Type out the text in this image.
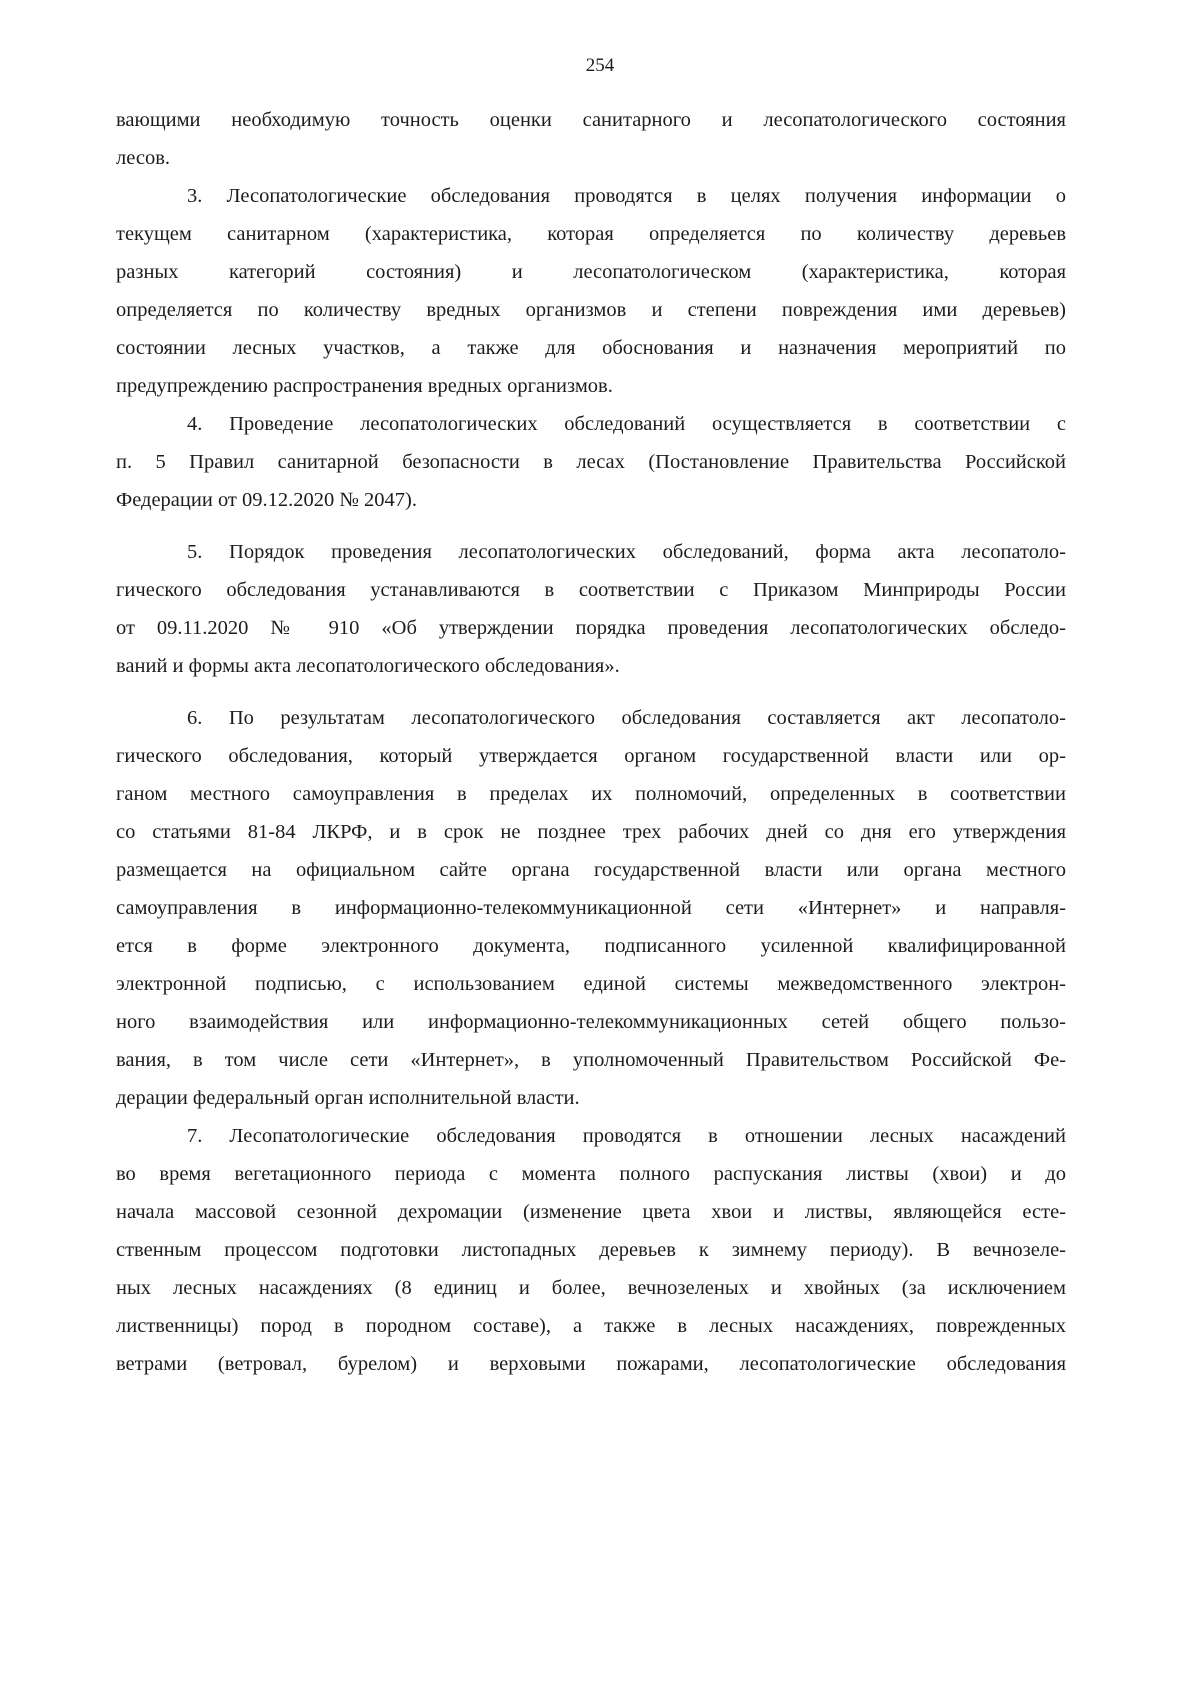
254
вающими необходимую точность оценки санитарного и лесопатологического состояния
лесов.
3. Лесопатологические обследования проводятся в целях получения информации о
текущем санитарном (характеристика, которая определяется по количеству деревьев
разных категорий состояния) и лесопатологическом (характеристика, которая
определяется по количеству вредных организмов и степени повреждения ими деревьев)
состоянии лесных участков, а также для обоснования и назначения мероприятий по
предупреждению распространения вредных организмов.
4. Проведение лесопатологических обследований осуществляется в соответствии с
п. 5 Правил санитарной безопасности в лесах (Постановление Правительства Российской
Федерации от 09.12.2020 № 2047).
5. Порядок проведения лесопатологических обследований, форма акта лесопатоло-
гического обследования устанавливаются в соответствии с Приказом Минприроды России
от 09.11.2020 № 910 «Об утверждении порядка проведения лесопатологических обследо-
ваний и формы акта лесопатологического обследования».
6. По результатам лесопатологического обследования составляется акт лесопатоло-
гического обследования, который утверждается органом государственной власти или ор-
ганом местного самоуправления в пределах их полномочий, определенных в соответствии
со статьями 81-84 ЛКРФ, и в срок не позднее трех рабочих дней со дня его утверждения
размещается на официальном сайте органа государственной власти или органа местного
самоуправления в информационно-телекоммуникационной сети «Интернет» и направля-
ется в форме электронного документа, подписанного усиленной квалифицированной
электронной подписью, с использованием единой системы межведомственного электрон-
ного взаимодействия или информационно-телекоммуникационных сетей общего пользо-
вания, в том числе сети «Интернет», в уполномоченный Правительством Российской Фе-
дерации федеральный орган исполнительной власти.
7. Лесопатологические обследования проводятся в отношении лесных насаждений
во время вегетационного периода с момента полного распускания листвы (хвои) и до
начала массовой сезонной дехромации (изменение цвета хвои и листвы, являющейся есте-
ственным процессом подготовки листопадных деревьев к зимнему периоду). В вечнозеле-
ных лесных насаждениях (8 единиц и более, вечнозеленых и хвойных (за исключением
лиственницы) пород в породном составе), а также в лесных насаждениях, поврежденных
ветрами (ветровал, бурелом) и верховыми пожарами, лесопатологические обследования
